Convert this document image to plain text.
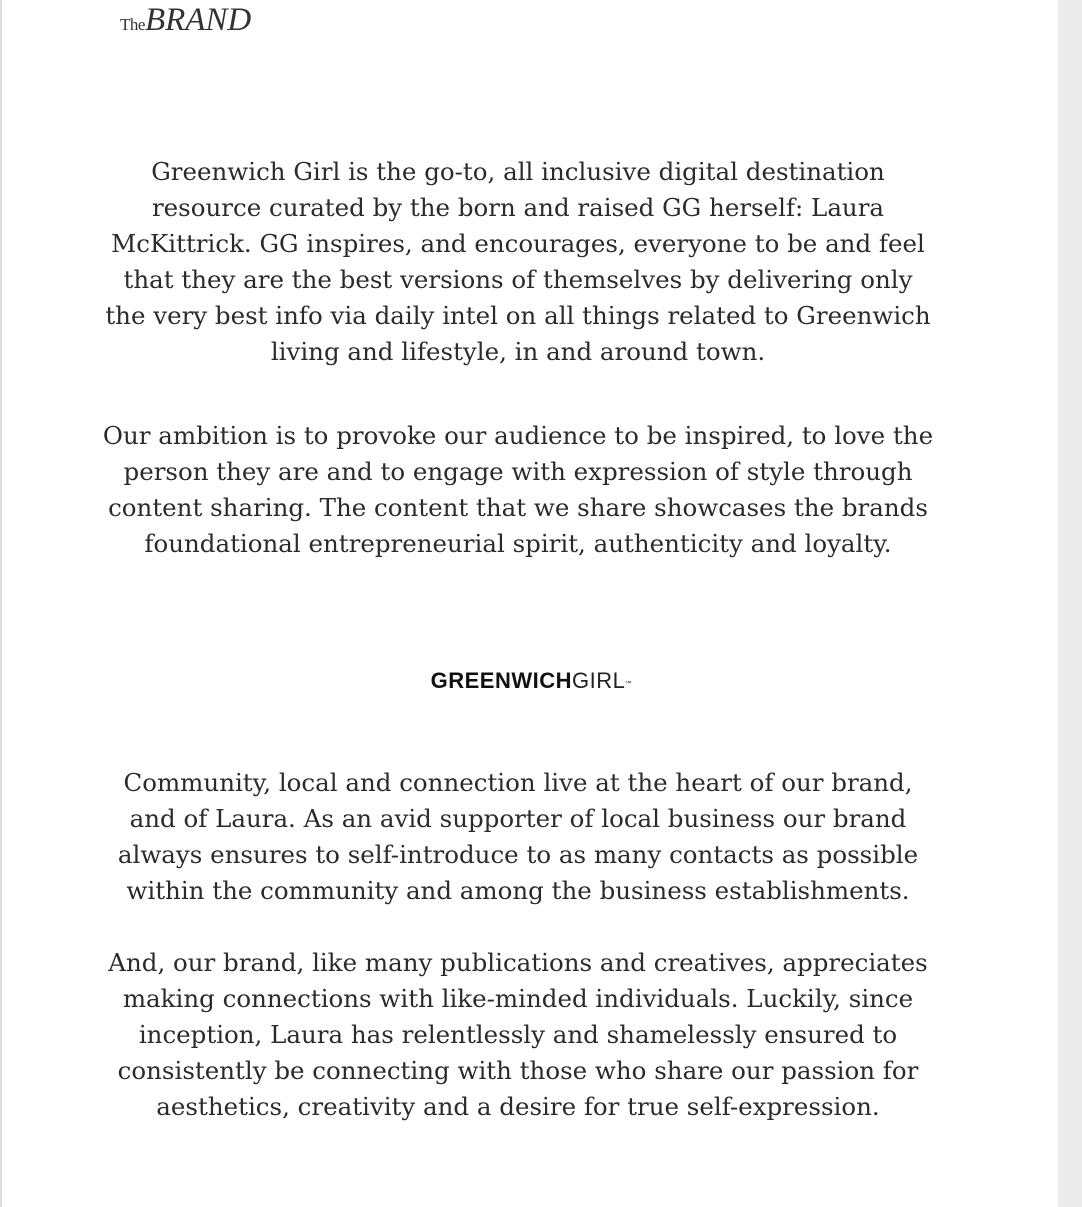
TheBRAND

Greenwich Girl is the go-to, all inclusive digital destination resource curated by the born and raised GG herself: Laura McKittrick. GG inspires, and encourages, everyone to be and feel that they are the best versions of themselves by delivering only the very best info via daily intel on all things related to Greenwich living and lifestyle, in and around town.

Our ambition is to provoke our audience to be inspired, to love the person they are and to engage with expression of style through content sharing. The content that we share showcases the brands foundational entrepreneurial spirit, authenticity and loyalty.

GREENWICHGIRL™

Community, local and connection live at the heart of our brand, and of Laura. As an avid supporter of local business our brand always ensures to self-introduce to as many contacts as possible within the community and among the business establishments.

And, our brand, like many publications and creatives, appreciates making connections with like-minded individuals. Luckily, since inception, Laura has relentlessly and shamelessly ensured to consistently be connecting with those who share our passion for aesthetics, creativity and a desire for true self-expression.
